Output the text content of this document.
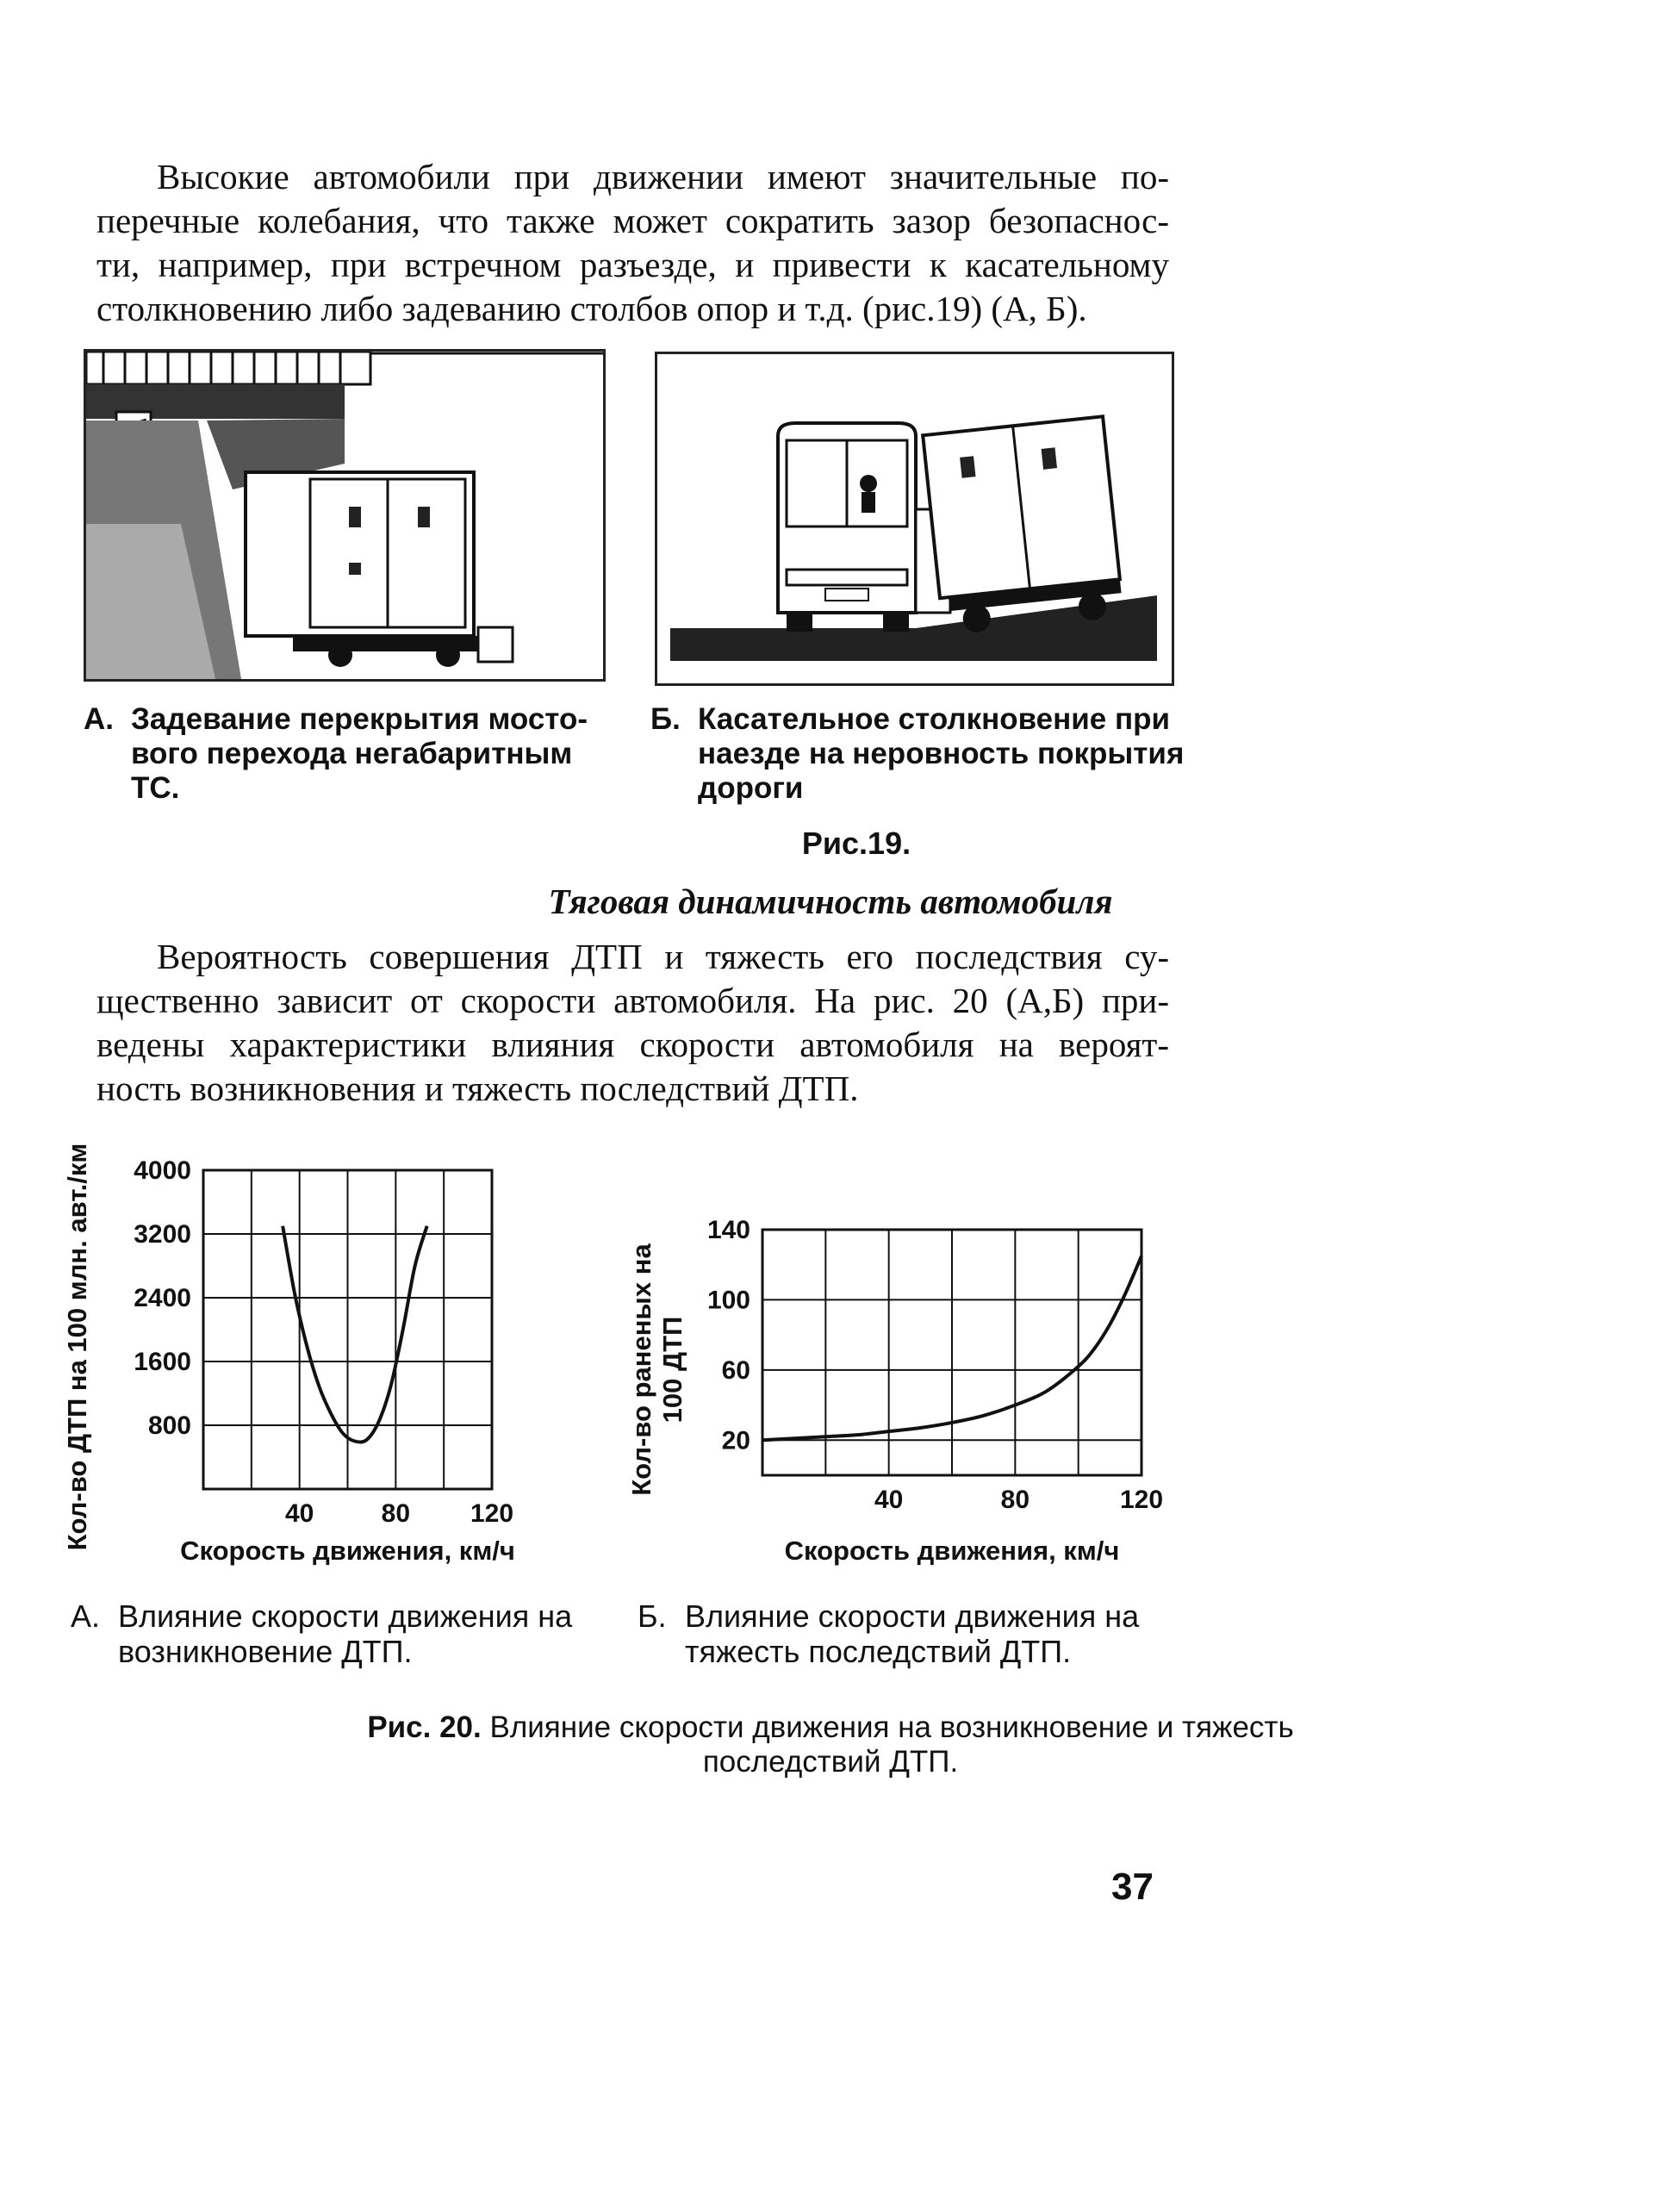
Высокие автомобили при движении имеют значительные по-
перечные колебания, что также может сократить зазор безопаснос-
ти, например, при встречном разъезде, и привести к касательному
столкновению либо задеванию столбов опор и т.д. (рис.19) (А, Б).
А. Задевание перекрытия мосто-
вого перехода негабаритным
ТС.
Б. Касательное столкновение при
наезде на неровность покрытия
дороги
Рис.19.
Тяговая динамичность автомобиля
Вероятность совершения ДТП и тяжесть его последствия су-
щественно зависит от скорости автомобиля. На рис. 20 (А,Б) при-
ведены характеристики влияния скорости автомобиля на вероят-
ность возникновения и тяжесть последствий ДТП.
4000
3200
2400
1600
800
40	80 120
Скорость движения, км/ч
Кол-во ДТП на 100 млн. авт./км	140
100
60
20
40	80	120
Скорость движения, км/ч
Кол-во раненых на100 ДТП
А. Влияние скорости движения на
возникновение ДТП.
Б. Влияние скорости движения на
тяжесть последствий ДТП.
Рис. 20. Влияние скорости движения на возникновение и тяжесть
последствий ДТП.
37
